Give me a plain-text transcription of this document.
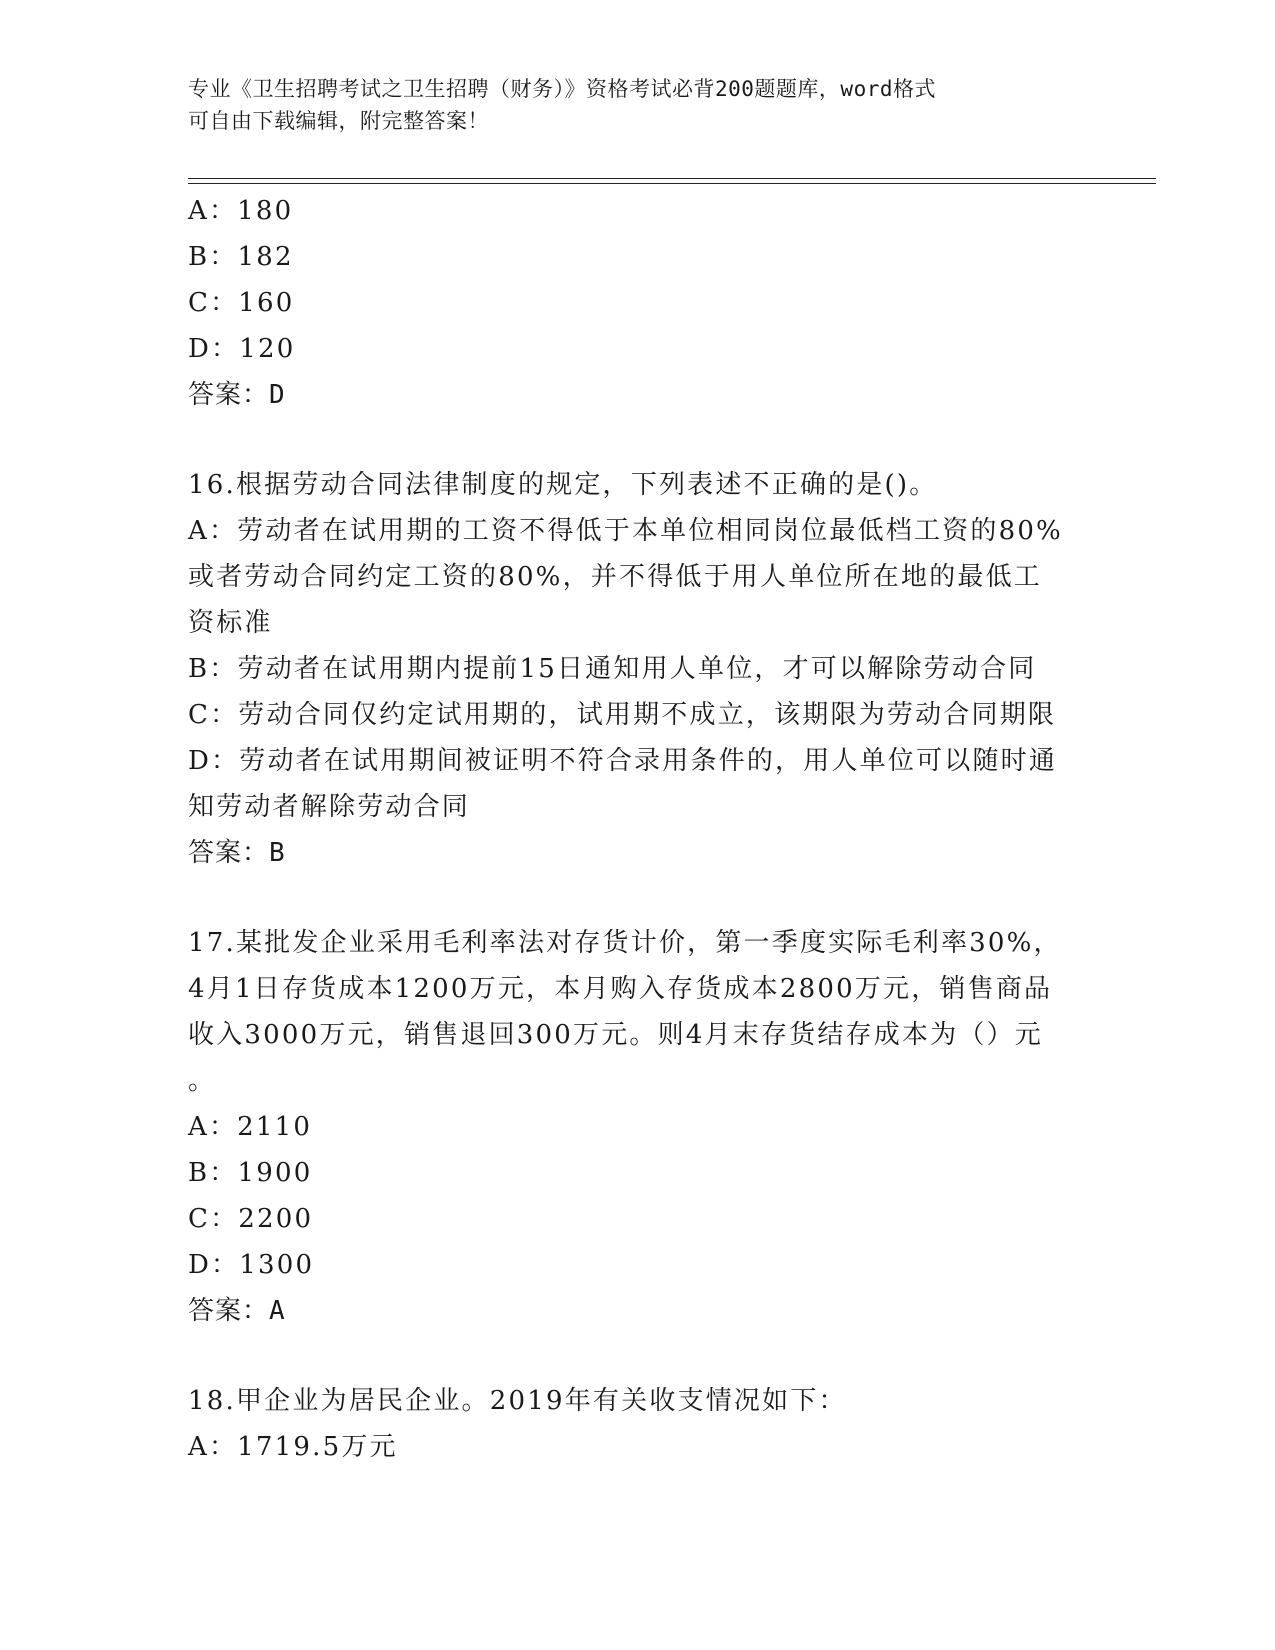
专业《卫生招聘考试之卫生招聘（财务）》资格考试必背200题题库，word格式
可自由下载编辑，附完整答案！
A：180
B：182
C：160
D：120
答案：D
16.根据劳动合同法律制度的规定，下列表述不正确的是()。
A：劳动者在试用期的工资不得低于本单位相同岗位最低档工资的80%
或者劳动合同约定工资的80%，并不得低于用人单位所在地的最低工
资标准
B：劳动者在试用期内提前15日通知用人单位，才可以解除劳动合同
C：劳动合同仅约定试用期的，试用期不成立，该期限为劳动合同期限
D：劳动者在试用期间被证明不符合录用条件的，用人单位可以随时通
知劳动者解除劳动合同
答案：B
17.某批发企业采用毛利率法对存货计价，第一季度实际毛利率30%，
4月1日存货成本1200万元，本月购入存货成本2800万元，销售商品
收入3000万元，销售退回300万元。则4月末存货结存成本为（）元
。
A：2110
B：1900
C：2200
D：1300
答案：A
18.甲企业为居民企业。2019年有关收支情况如下：
A：1719.5万元
